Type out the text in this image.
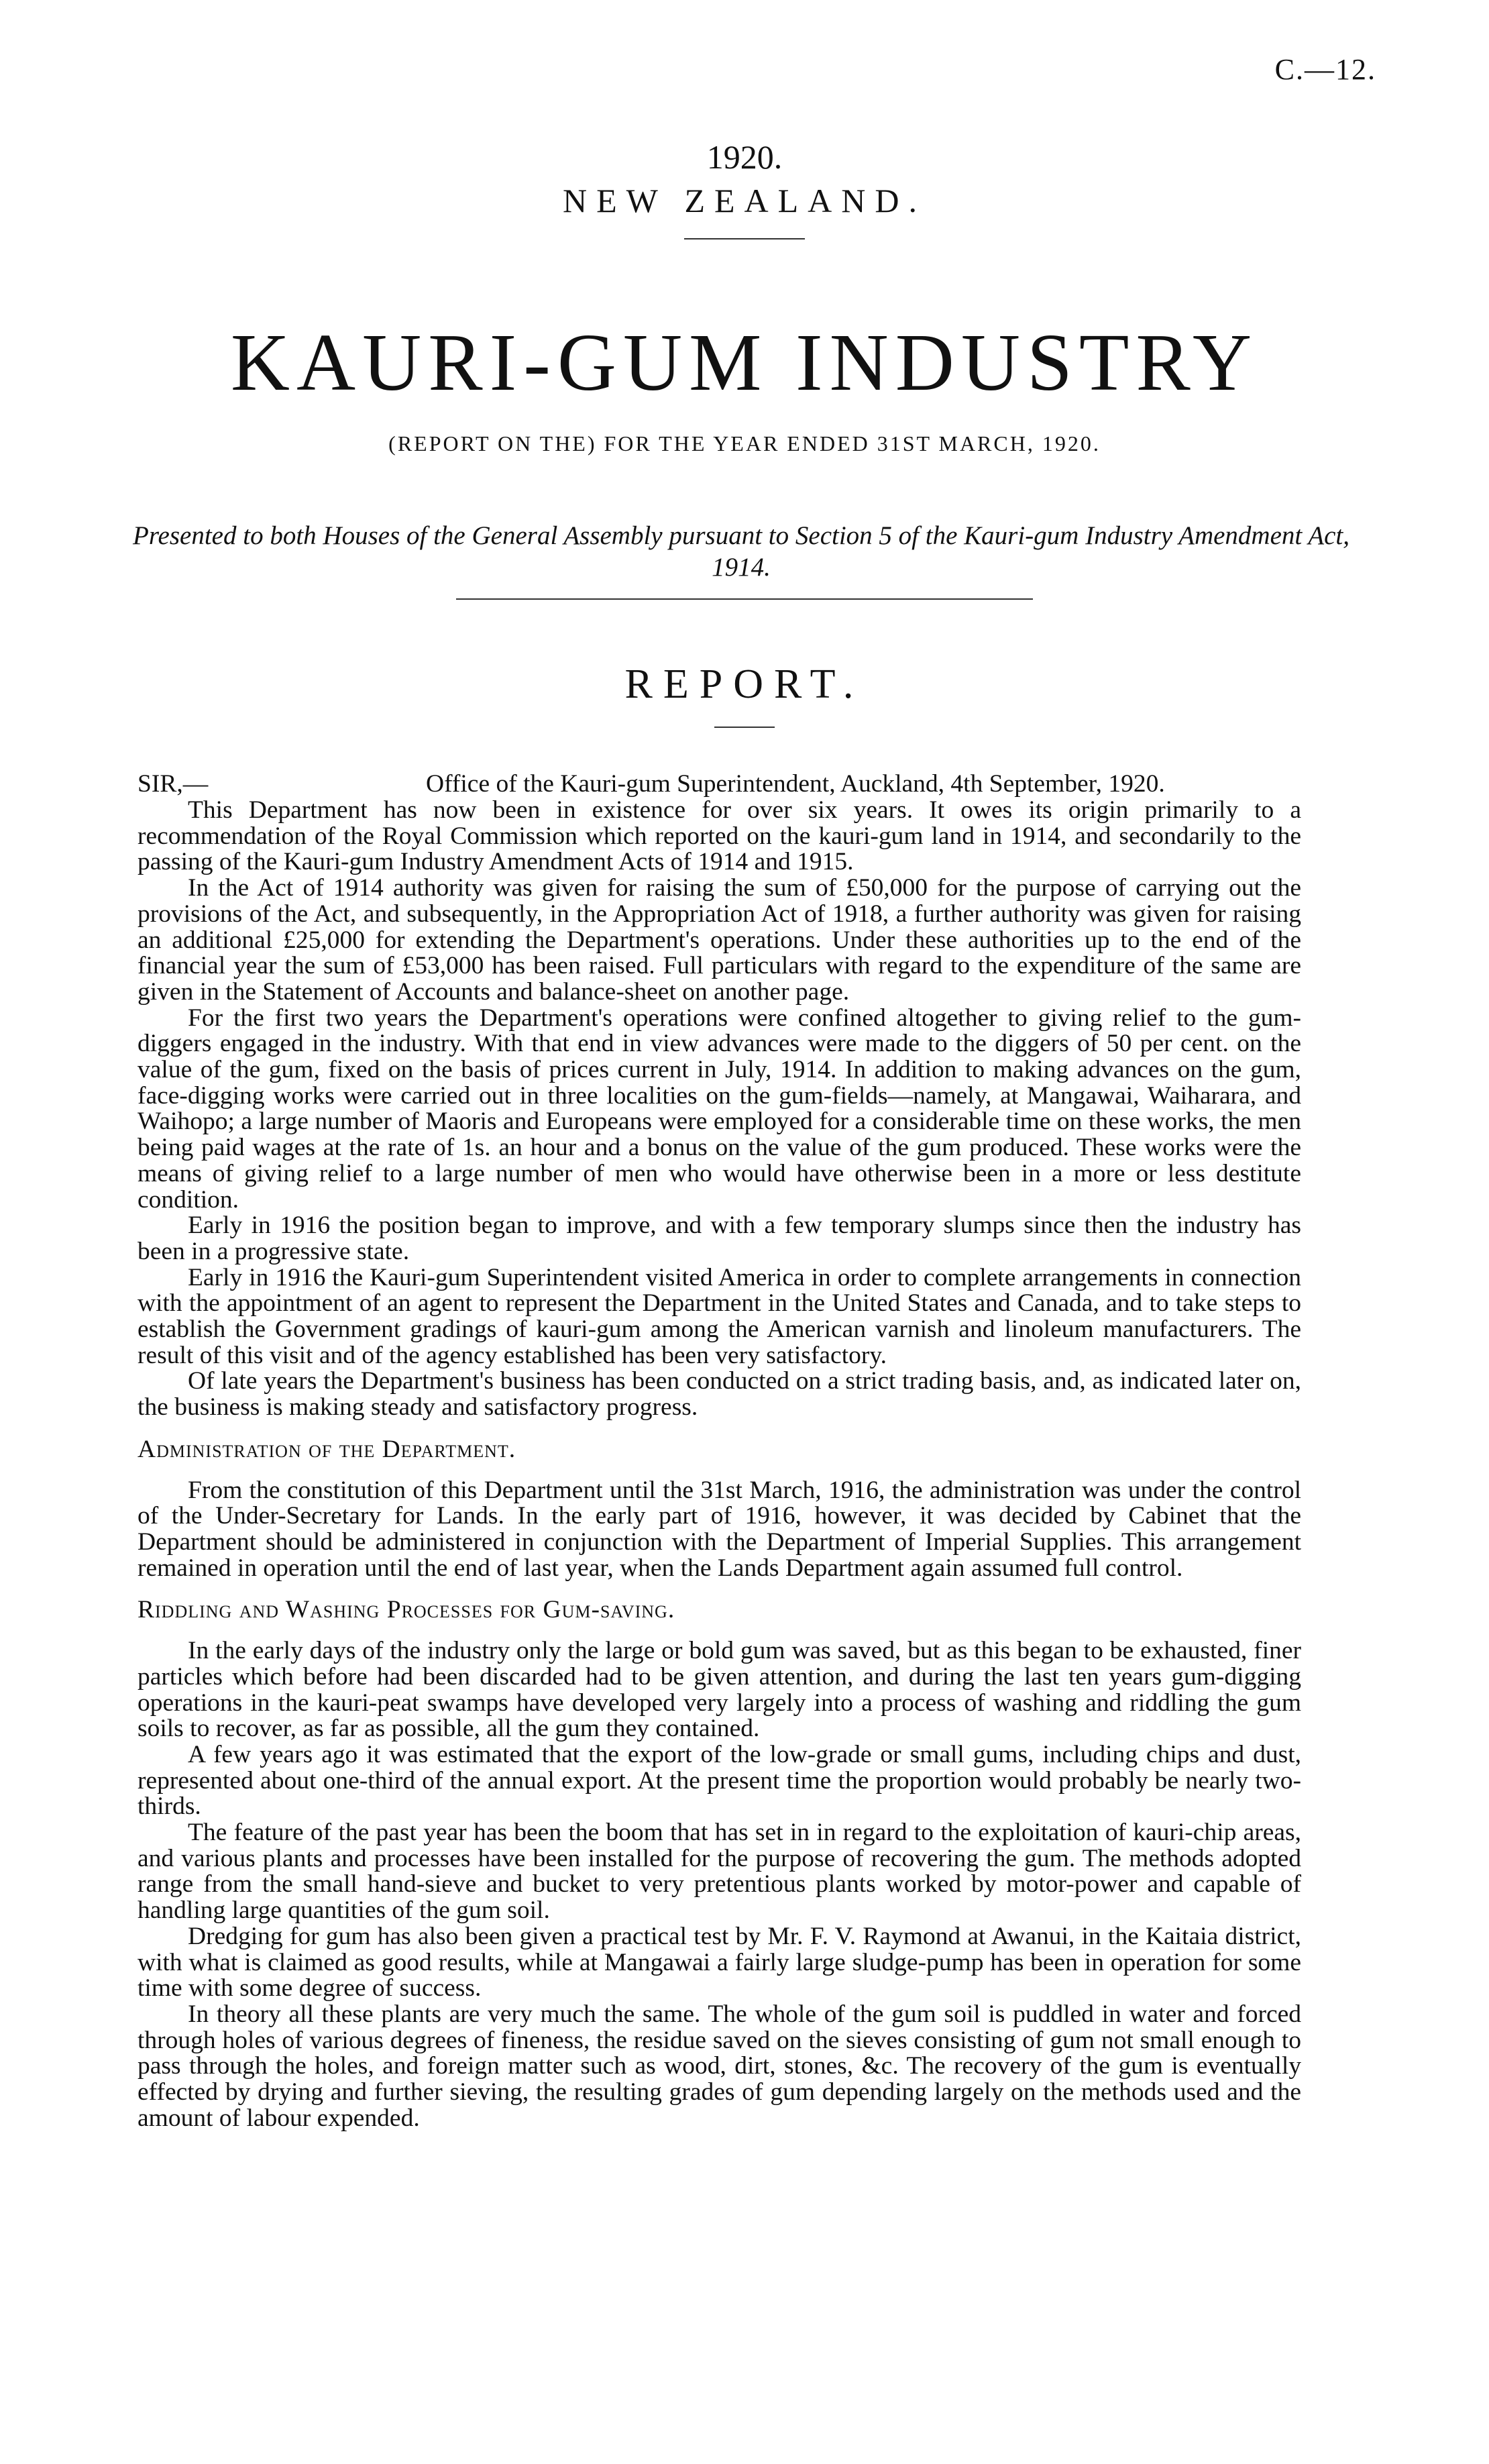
C.—12.
1920.
NEW ZEALAND.
KAURI-GUM INDUSTRY
(REPORT ON THE) FOR THE YEAR ENDED 31ST MARCH, 1920.
Presented to both Houses of the General Assembly pursuant to Section 5 of the Kauri-gum Industry Amendment Act, 1914.
REPORT.
SIR,—	Office of the Kauri-gum Superintendent, Auckland, 4th September, 1920.

This Department has now been in existence for over six years. It owes its origin primarily to a recommendation of the Royal Commission which reported on the kauri-gum land in 1914, and secondarily to the passing of the Kauri-gum Industry Amendment Acts of 1914 and 1915.

In the Act of 1914 authority was given for raising the sum of £50,000 for the purpose of carrying out the provisions of the Act, and subsequently, in the Appropriation Act of 1918, a further authority was given for raising an additional £25,000 for extending the Department's operations. Under these authorities up to the end of the financial year the sum of £53,000 has been raised. Full particulars with regard to the expenditure of the same are given in the Statement of Accounts and balance-sheet on another page.

For the first two years the Department's operations were confined altogether to giving relief to the gum-diggers engaged in the industry. With that end in view advances were made to the diggers of 50 per cent. on the value of the gum, fixed on the basis of prices current in July, 1914. In addition to making advances on the gum, face-digging works were carried out in three localities on the gum-fields—namely, at Mangawai, Waiharara, and Waihopo; a large number of Maoris and Europeans were employed for a considerable time on these works, the men being paid wages at the rate of 1s. an hour and a bonus on the value of the gum produced. These works were the means of giving relief to a large number of men who would have otherwise been in a more or less destitute condition.

Early in 1916 the position began to improve, and with a few temporary slumps since then the industry has been in a progressive state.

Early in 1916 the Kauri-gum Superintendent visited America in order to complete arrangements in connection with the appointment of an agent to represent the Department in the United States and Canada, and to take steps to establish the Government gradings of kauri-gum among the American varnish and linoleum manufacturers. The result of this visit and of the agency established has been very satisfactory.

Of late years the Department's business has been conducted on a strict trading basis, and, as indicated later on, the business is making steady and satisfactory progress.

Administration of the Department.

From the constitution of this Department until the 31st March, 1916, the administration was under the control of the Under-Secretary for Lands. In the early part of 1916, however, it was decided by Cabinet that the Department should be administered in conjunction with the Department of Imperial Supplies. This arrangement remained in operation until the end of last year, when the Lands Department again assumed full control.

Riddling and Washing Processes for Gum-saving.

In the early days of the industry only the large or bold gum was saved, but as this began to be exhausted, finer particles which before had been discarded had to be given attention, and during the last ten years gum-digging operations in the kauri-peat swamps have developed very largely into a process of washing and riddling the gum soils to recover, as far as possible, all the gum they contained.

A few years ago it was estimated that the export of the low-grade or small gums, including chips and dust, represented about one-third of the annual export. At the present time the proportion would probably be nearly two-thirds.

The feature of the past year has been the boom that has set in in regard to the exploitation of kauri-chip areas, and various plants and processes have been installed for the purpose of recovering the gum. The methods adopted range from the small hand-sieve and bucket to very pretentious plants worked by motor-power and capable of handling large quantities of the gum soil.

Dredging for gum has also been given a practical test by Mr. F. V. Raymond at Awanui, in the Kaitaia district, with what is claimed as good results, while at Mangawai a fairly large sludge-pump has been in operation for some time with some degree of success.

In theory all these plants are very much the same. The whole of the gum soil is puddled in water and forced through holes of various degrees of fineness, the residue saved on the sieves consisting of gum not small enough to pass through the holes, and foreign matter such as wood, dirt, stones, &c. The recovery of the gum is eventually effected by drying and further sieving, the resulting grades of gum depending largely on the methods used and the amount of labour expended.
